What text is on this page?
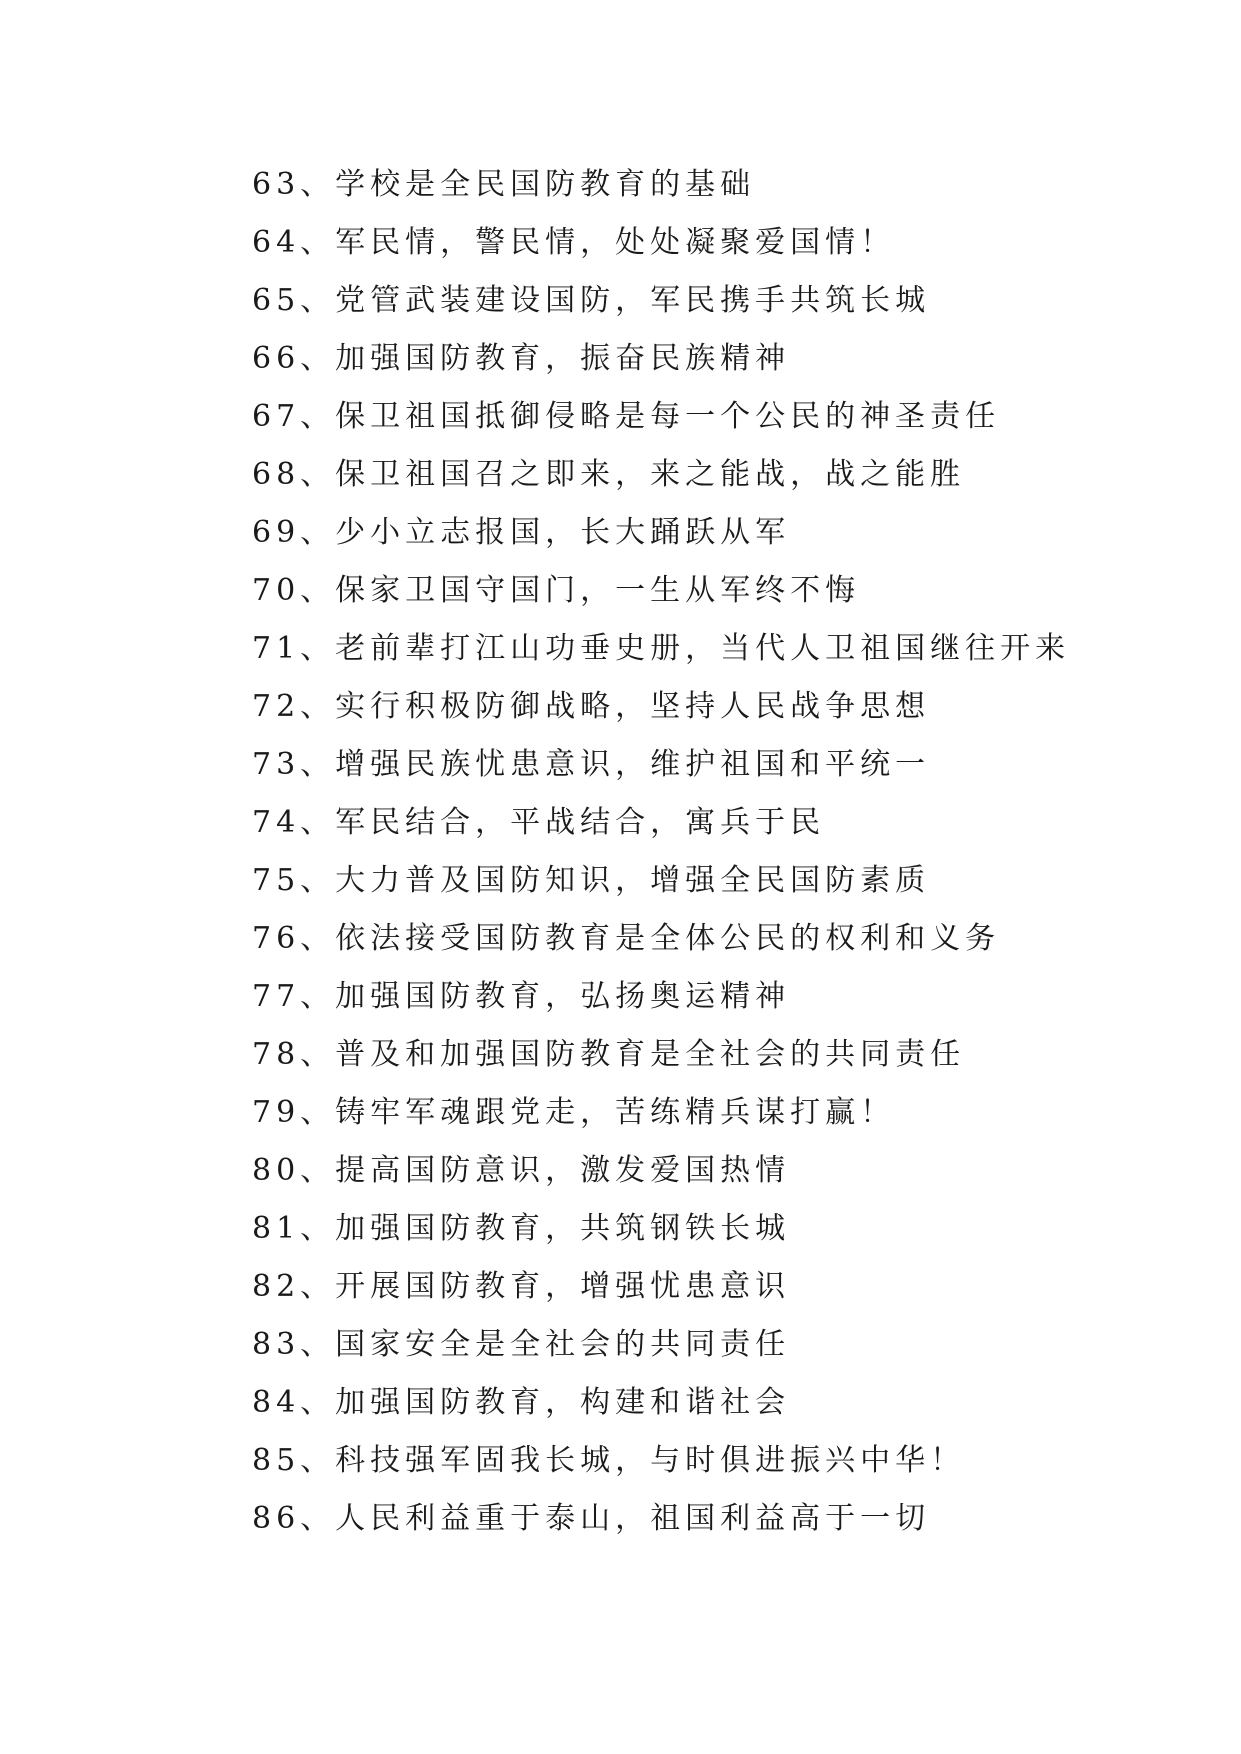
63、学校是全民国防教育的基础
64、军民情，警民情，处处凝聚爱国情！
65、党管武装建设国防，军民携手共筑长城
66、加强国防教育，振奋民族精神
67、保卫祖国抵御侵略是每一个公民的神圣责任
68、保卫祖国召之即来，来之能战，战之能胜
69、少小立志报国，长大踊跃从军
70、保家卫国守国门，一生从军终不悔
71、老前辈打江山功垂史册，当代人卫祖国继往开来
72、实行积极防御战略，坚持人民战争思想
73、增强民族忧患意识，维护祖国和平统一
74、军民结合，平战结合，寓兵于民
75、大力普及国防知识，增强全民国防素质
76、依法接受国防教育是全体公民的权利和义务
77、加强国防教育，弘扬奥运精神
78、普及和加强国防教育是全社会的共同责任
79、铸牢军魂跟党走，苦练精兵谋打赢！
80、提高国防意识，激发爱国热情
81、加强国防教育，共筑钢铁长城
82、开展国防教育，增强忧患意识
83、国家安全是全社会的共同责任
84、加强国防教育，构建和谐社会
85、科技强军固我长城，与时俱进振兴中华！
86、人民利益重于泰山，祖国利益高于一切
